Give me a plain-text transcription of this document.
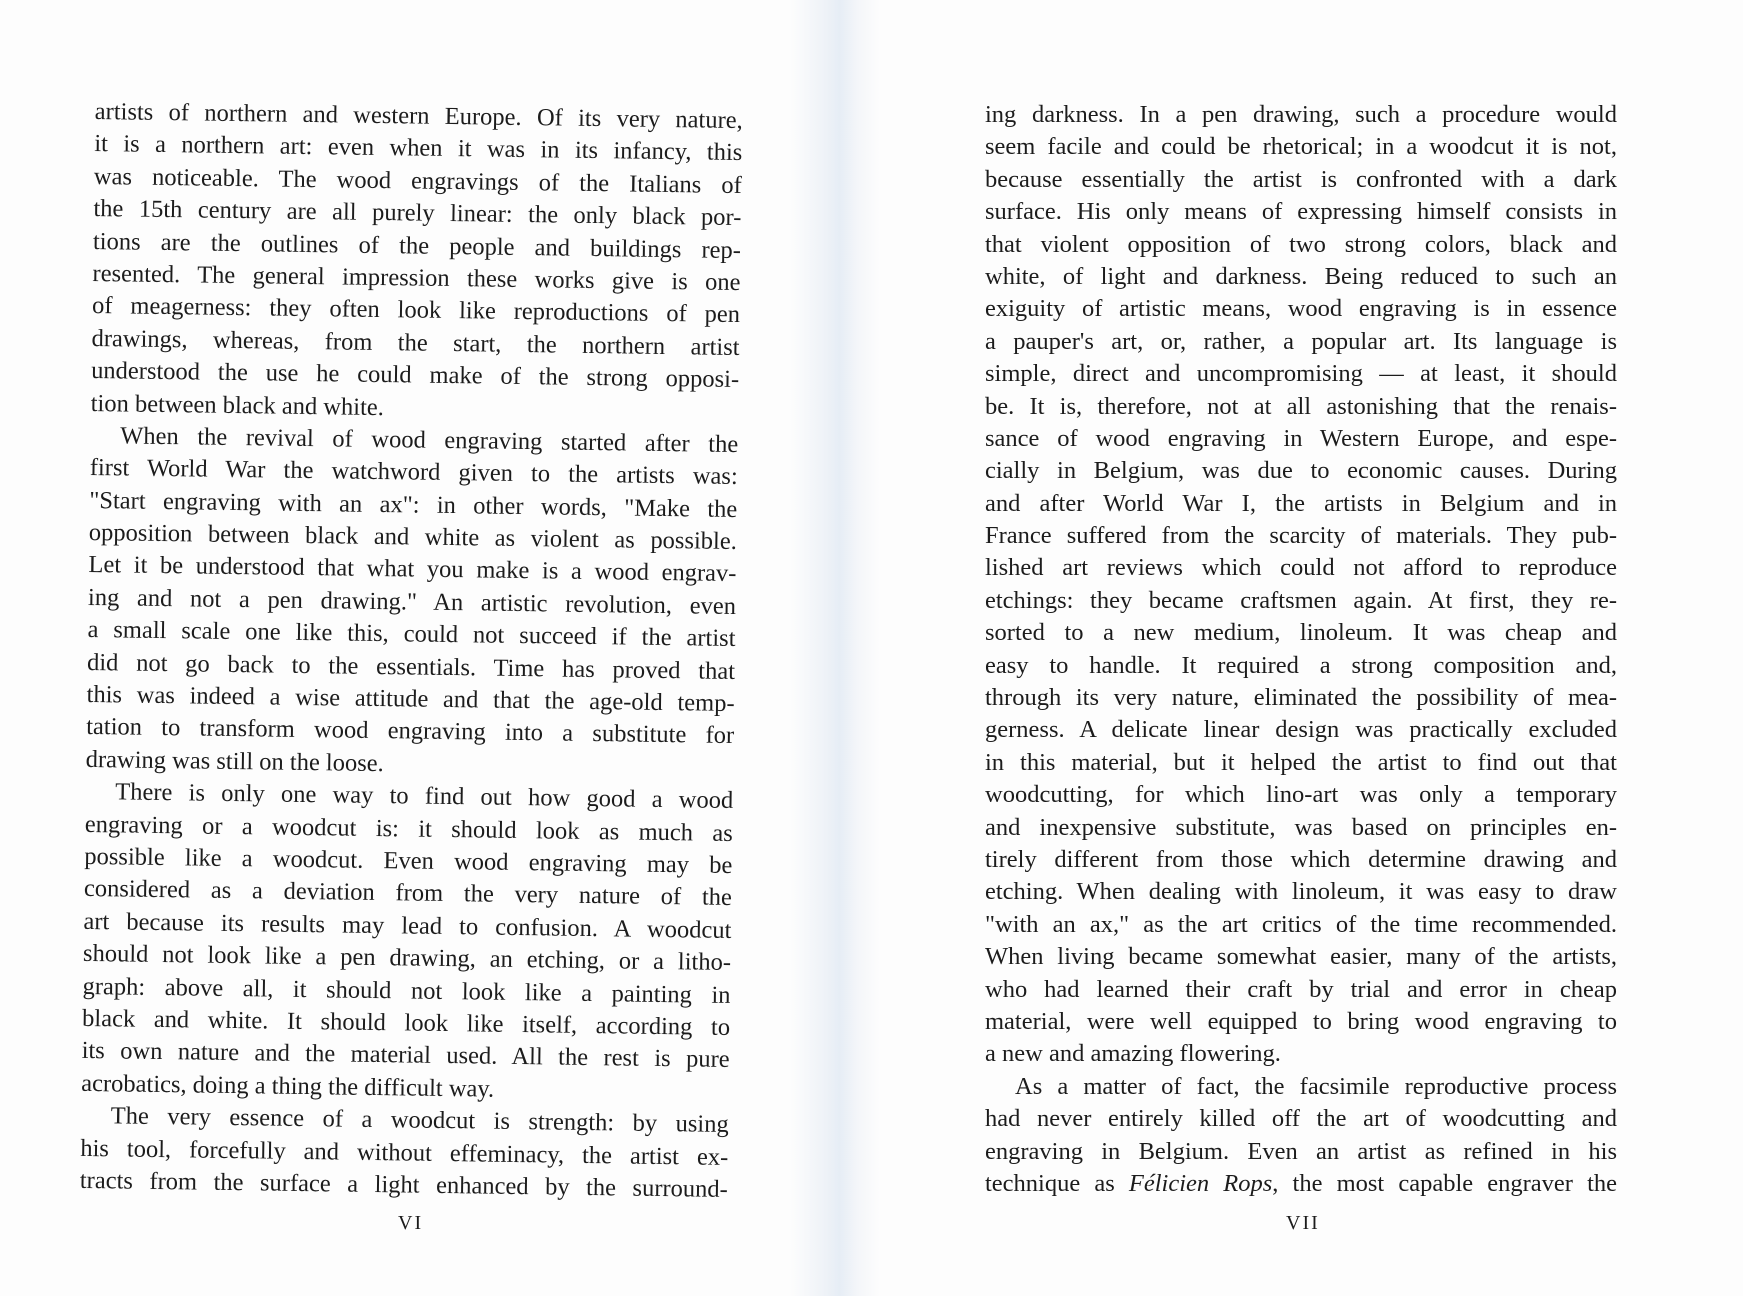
artists of northern and western Europe. Of its very nature,
it is a northern art: even when it was in its infancy, this
was noticeable. The wood engravings of the Italians of
the 15th century are all purely linear: the only black por-
tions are the outlines of the people and buildings rep-
resented. The general impression these works give is one
of meagerness: they often look like reproductions of pen
drawings, whereas, from the start, the northern artist
understood the use he could make of the strong opposi-
tion between black and white.
When the revival of wood engraving started after the
first World War the watchword given to the artists was:
"Start engraving with an ax": in other words, "Make the
opposition between black and white as violent as possible.
Let it be understood that what you make is a wood engrav-
ing and not a pen drawing." An artistic revolution, even
a small scale one like this, could not succeed if the artist
did not go back to the essentials. Time has proved that
this was indeed a wise attitude and that the age-old temp-
tation to transform wood engraving into a substitute for
drawing was still on the loose.
There is only one way to find out how good a wood
engraving or a woodcut is: it should look as much as
possible like a woodcut. Even wood engraving may be
considered as a deviation from the very nature of the
art because its results may lead to confusion. A woodcut
should not look like a pen drawing, an etching, or a litho-
graph: above all, it should not look like a painting in
black and white. It should look like itself, according to
its own nature and the material used. All the rest is pure
acrobatics, doing a thing the difficult way.
The very essence of a woodcut is strength: by using
his tool, forcefully and without effeminacy, the artist ex-
tracts from the surface a light enhanced by the surround-
VI
ing darkness. In a pen drawing, such a procedure would
seem facile and could be rhetorical; in a woodcut it is not,
because essentially the artist is confronted with a dark
surface. His only means of expressing himself consists in
that violent opposition of two strong colors, black and
white, of light and darkness. Being reduced to such an
exiguity of artistic means, wood engraving is in essence
a pauper's art, or, rather, a popular art. Its language is
simple, direct and uncompromising — at least, it should
be. It is, therefore, not at all astonishing that the renais-
sance of wood engraving in Western Europe, and espe-
cially in Belgium, was due to economic causes. During
and after World War I, the artists in Belgium and in
France suffered from the scarcity of materials. They pub-
lished art reviews which could not afford to reproduce
etchings: they became craftsmen again. At first, they re-
sorted to a new medium, linoleum. It was cheap and
easy to handle. It required a strong composition and,
through its very nature, eliminated the possibility of mea-
gerness. A delicate linear design was practically excluded
in this material, but it helped the artist to find out that
woodcutting, for which lino-art was only a temporary
and inexpensive substitute, was based on principles en-
tirely different from those which determine drawing and
etching. When dealing with linoleum, it was easy to draw
"with an ax," as the art critics of the time recommended.
When living became somewhat easier, many of the artists,
who had learned their craft by trial and error in cheap
material, were well equipped to bring wood engraving to
a new and amazing flowering.
As a matter of fact, the facsimile reproductive process
had never entirely killed off the art of woodcutting and
engraving in Belgium. Even an artist as refined in his
technique as Félicien Rops, the most capable engraver the
VII
